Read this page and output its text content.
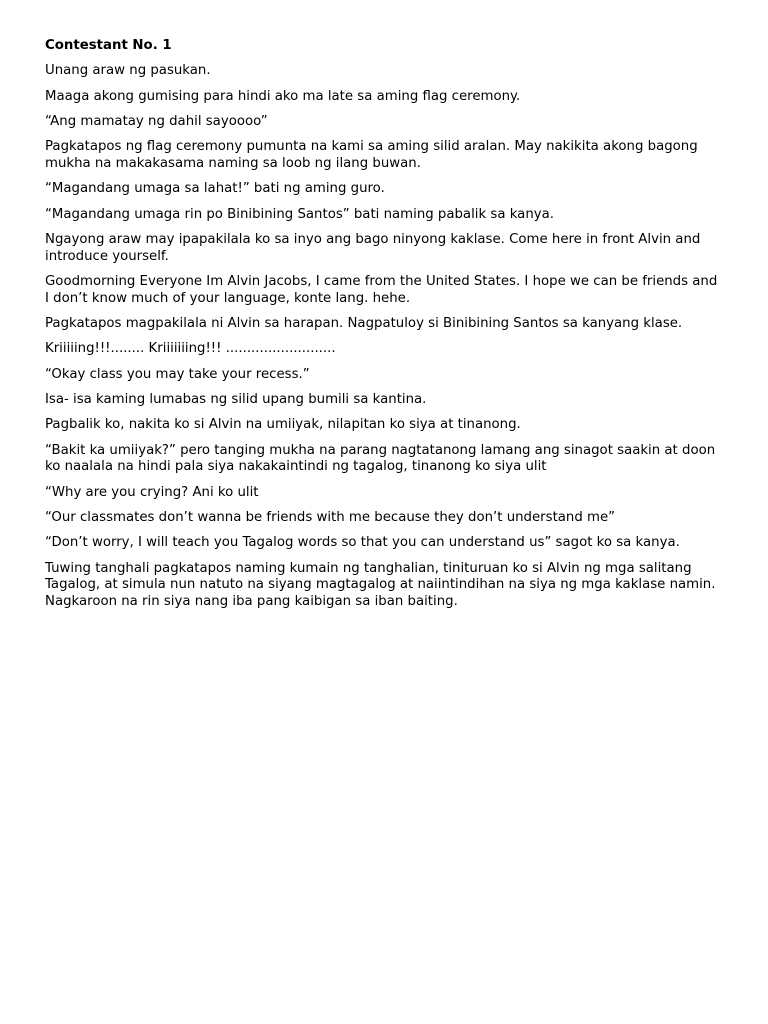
Contestant No. 1
Unang araw ng pasukan.
Maaga akong gumising para hindi ako ma late sa aming flag ceremony.
“Ang mamatay ng dahil sayoooo”
Pagkatapos ng flag ceremony pumunta na kami sa aming silid aralan. May nakikita akong bagong mukha na makakasama naming sa loob ng ilang buwan.
“Magandang umaga sa lahat!” bati ng aming guro.
“Magandang umaga rin po Binibining Santos” bati naming pabalik sa kanya.
Ngayong araw may ipapakilala ko sa inyo ang bago ninyong kaklase. Come here in front Alvin and introduce yourself.
Goodmorning Everyone Im Alvin Jacobs, I came from the United States. I hope we can be friends and I don’t know much of your language, konte lang. hehe.
Pagkatapos magpakilala ni Alvin sa harapan. Nagpatuloy si Binibining Santos sa kanyang klase.
Kriiiiing!!!........ Kriiiiiiing!!! ..........................
“Okay class you may take your recess.”
Isa- isa kaming lumabas ng silid upang bumili sa kantina.
Pagbalik ko, nakita ko si Alvin na umiiyak, nilapitan ko siya at tinanong.
“Bakit ka umiiyak?” pero tanging mukha na parang nagtatanong lamang ang sinagot saakin at doon ko naalala na hindi pala siya nakakaintindi ng tagalog, tinanong ko siya ulit
“Why are you crying? Ani ko ulit
“Our classmates don’t wanna be friends with me because they don’t understand me”
“Don’t worry, I will teach you Tagalog words so that you can understand us” sagot ko sa kanya.
Tuwing tanghali pagkatapos naming kumain ng tanghalian, tinituruan ko si Alvin ng mga salitang Tagalog, at simula nun natuto na siyang magtagalog at naiintindihan na siya ng mga kaklase namin. Nagkaroon na rin siya nang iba pang kaibigan sa iban baiting.
